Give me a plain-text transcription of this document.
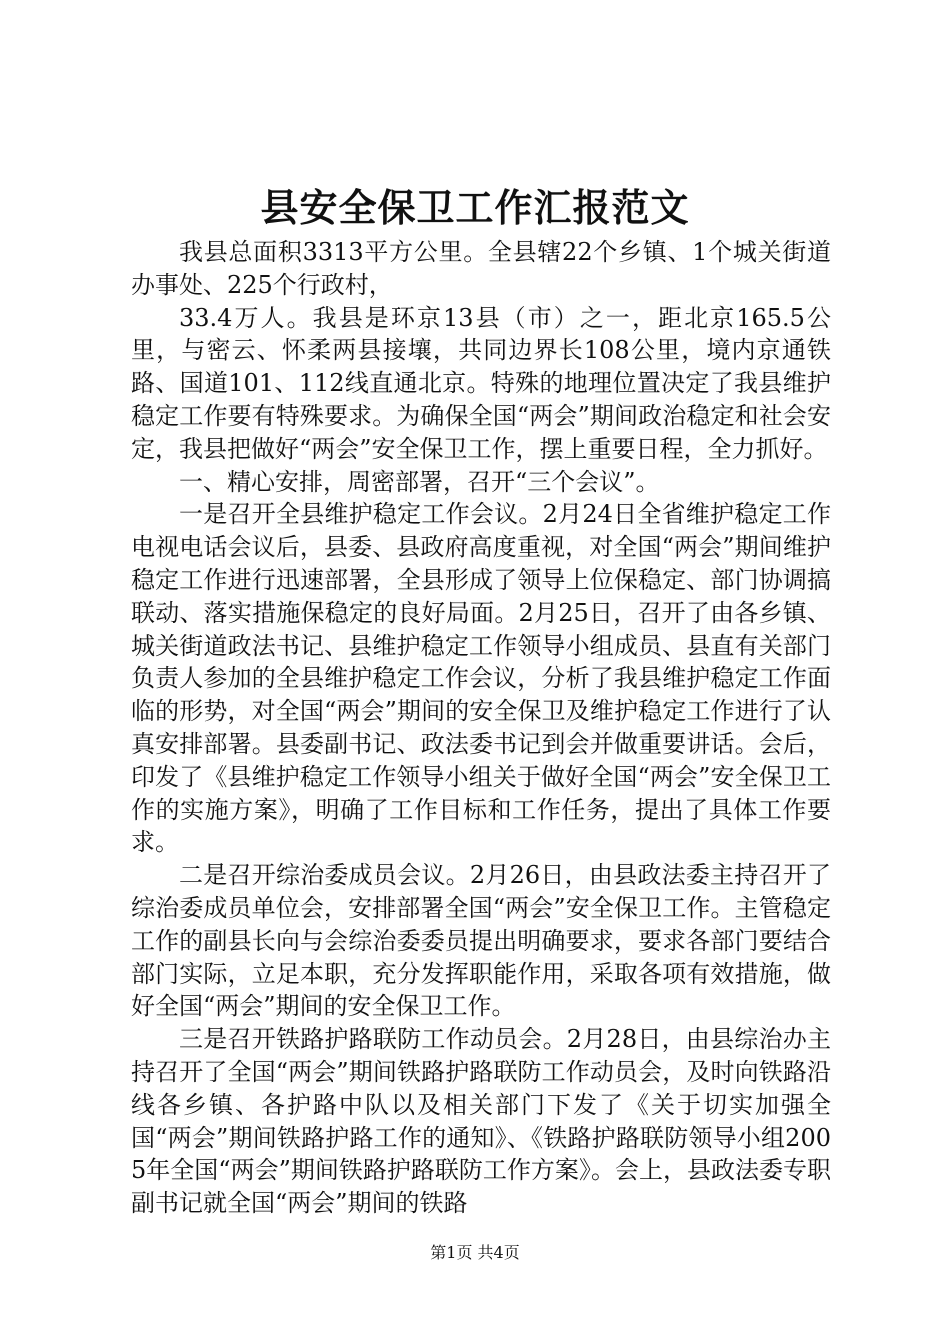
县安全保卫工作汇报范文

我县总面积3313平方公里。全县辖22个乡镇、1个城关街道办事处、225个行政村，

33.4万人。我县是环京13县（市）之一，距北京165.5公里，与密云、怀柔两县接壤，共同边界长108公里，境内京通铁路、国道101、112线直通北京。特殊的地理位置决定了我县维护稳定工作要有特殊要求。为确保全国“两会”期间政治稳定和社会安定，我县把做好“两会”安全保卫工作，摆上重要日程，全力抓好。

一、精心安排，周密部署，召开“三个会议”。

一是召开全县维护稳定工作会议。2月24日全省维护稳定工作电视电话会议后，县委、县政府高度重视，对全国“两会”期间维护稳定工作进行迅速部署，全县形成了领导上位保稳定、部门协调搞联动、落实措施保稳定的良好局面。2月25日，召开了由各乡镇、城关街道政法书记、县维护稳定工作领导小组成员、县直有关部门负责人参加的全县维护稳定工作会议，分析了我县维护稳定工作面临的形势，对全国“两会”期间的安全保卫及维护稳定工作进行了认真安排部署。县委副书记、政法委书记到会并做重要讲话。会后，印发了《县维护稳定工作领导小组关于做好全国“两会”安全保卫工作的实施方案》，明确了工作目标和工作任务，提出了具体工作要求。

二是召开综治委成员会议。2月26日，由县政法委主持召开了综治委成员单位会，安排部署全国“两会”安全保卫工作。主管稳定工作的副县长向与会综治委委员提出明确要求，要求各部门要结合部门实际，立足本职，充分发挥职能作用，采取各项有效措施，做好全国“两会”期间的安全保卫工作。

三是召开铁路护路联防工作动员会。2月28日，由县综治办主持召开了全国“两会”期间铁路护路联防工作动员会，及时向铁路沿线各乡镇、各护路中队以及相关部门下发了《关于切实加强全国“两会”期间铁路护路工作的通知》、《铁路护路联防领导小组2005年全国“两会”期间铁路护路联防工作方案》。会上，县政法委专职副书记就全国“两会”期间的铁路

第1页 共4页
